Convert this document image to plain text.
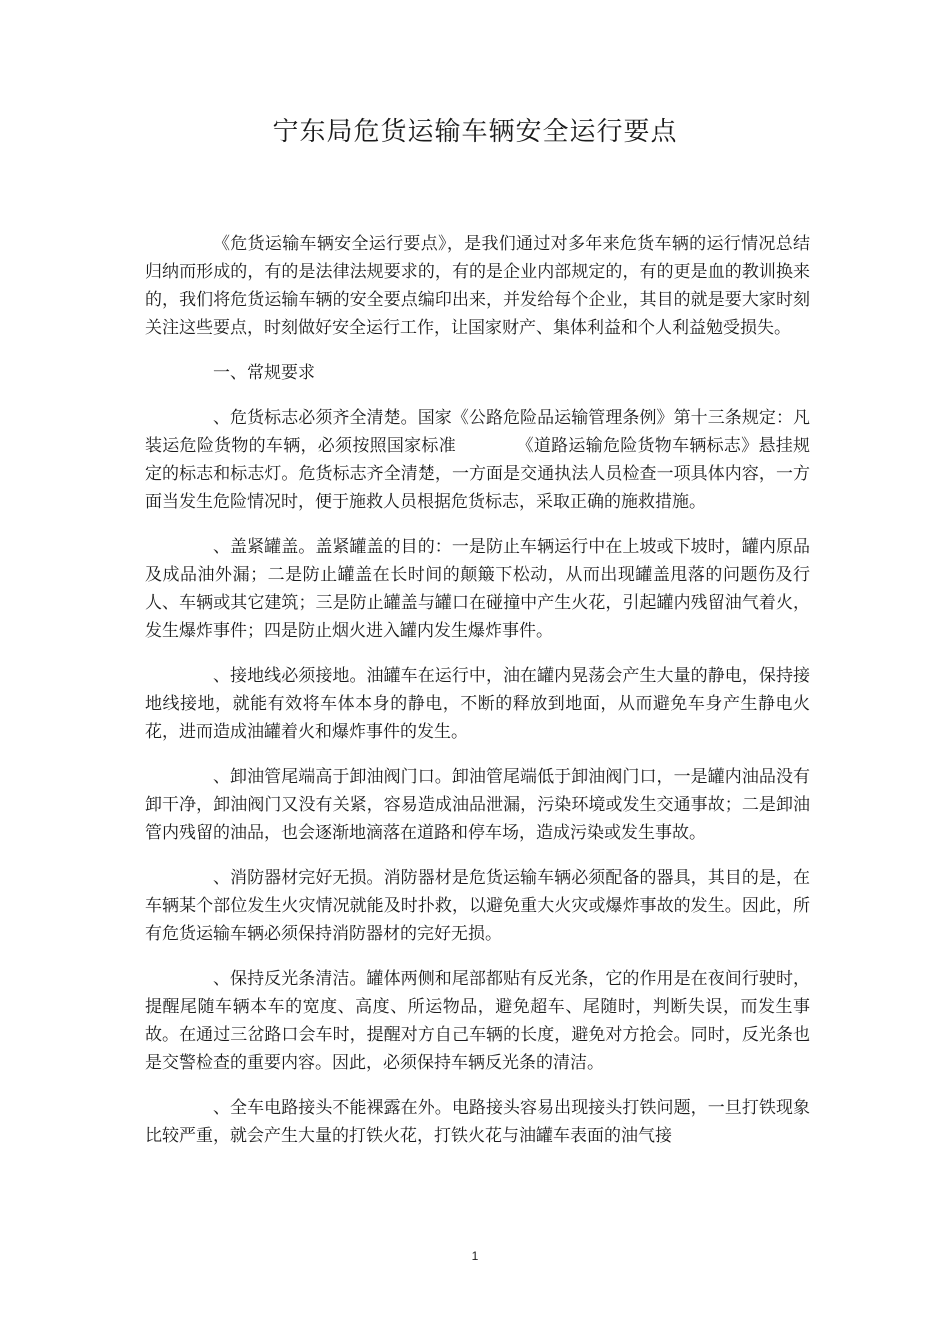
宁东局危货运输车辆安全运行要点

《危货运输车辆安全运行要点》，是我们通过对多年来危货车辆的运行情况总结归纳而形成的，有的是法律法规要求的，有的是企业内部规定的，有的更是血的教训换来的，我们将危货运输车辆的安全要点编印出来，并发给每个企业，其目的就是要大家时刻关注这些要点，时刻做好安全运行工作，让国家财产、集体利益和个人利益勉受损失。

一、常规要求

、危货标志必须齐全清楚。国家《公路危险品运输管理条例》第十三条规定：凡装运危险货物的车辆，必须按照国家标准　　　　《道路运输危险货物车辆标志》悬挂规定的标志和标志灯。危货标志齐全清楚，一方面是交通执法人员检查一项具体内容，一方面当发生危险情况时，便于施救人员根据危货标志，采取正确的施救措施。

、盖紧罐盖。盖紧罐盖的目的：一是防止车辆运行中在上坡或下坡时，罐内原品及成品油外漏；二是防止罐盖在长时间的颠簸下松动，从而出现罐盖甩落的问题伤及行人、车辆或其它建筑；三是防止罐盖与罐口在碰撞中产生火花，引起罐内残留油气着火，发生爆炸事件；四是防止烟火进入罐内发生爆炸事件。

、接地线必须接地。油罐车在运行中，油在罐内晃荡会产生大量的静电，保持接地线接地，就能有效将车体本身的静电，不断的释放到地面，从而避免车身产生静电火花，进而造成油罐着火和爆炸事件的发生。

、卸油管尾端高于卸油阀门口。卸油管尾端低于卸油阀门口，一是罐内油品没有卸干净，卸油阀门又没有关紧，容易造成油品泄漏，污染环境或发生交通事故；二是卸油管内残留的油品，也会逐渐地滴落在道路和停车场，造成污染或发生事故。

、消防器材完好无损。消防器材是危货运输车辆必须配备的器具，其目的是，在车辆某个部位发生火灾情况就能及时扑救，以避免重大火灾或爆炸事故的发生。因此，所有危货运输车辆必须保持消防器材的完好无损。

、保持反光条清洁。罐体两侧和尾部都贴有反光条，它的作用是在夜间行驶时，提醒尾随车辆本车的宽度、高度、所运物品，避免超车、尾随时，判断失误，而发生事故。在通过三岔路口会车时，提醒对方自己车辆的长度，避免对方抢会。同时，反光条也是交警检查的重要内容。因此，必须保持车辆反光条的清洁。

、全车电路接头不能裸露在外。电路接头容易出现接头打铁问题，一旦打铁现象比较严重，就会产生大量的打铁火花，打铁火花与油罐车表面的油气接

1
